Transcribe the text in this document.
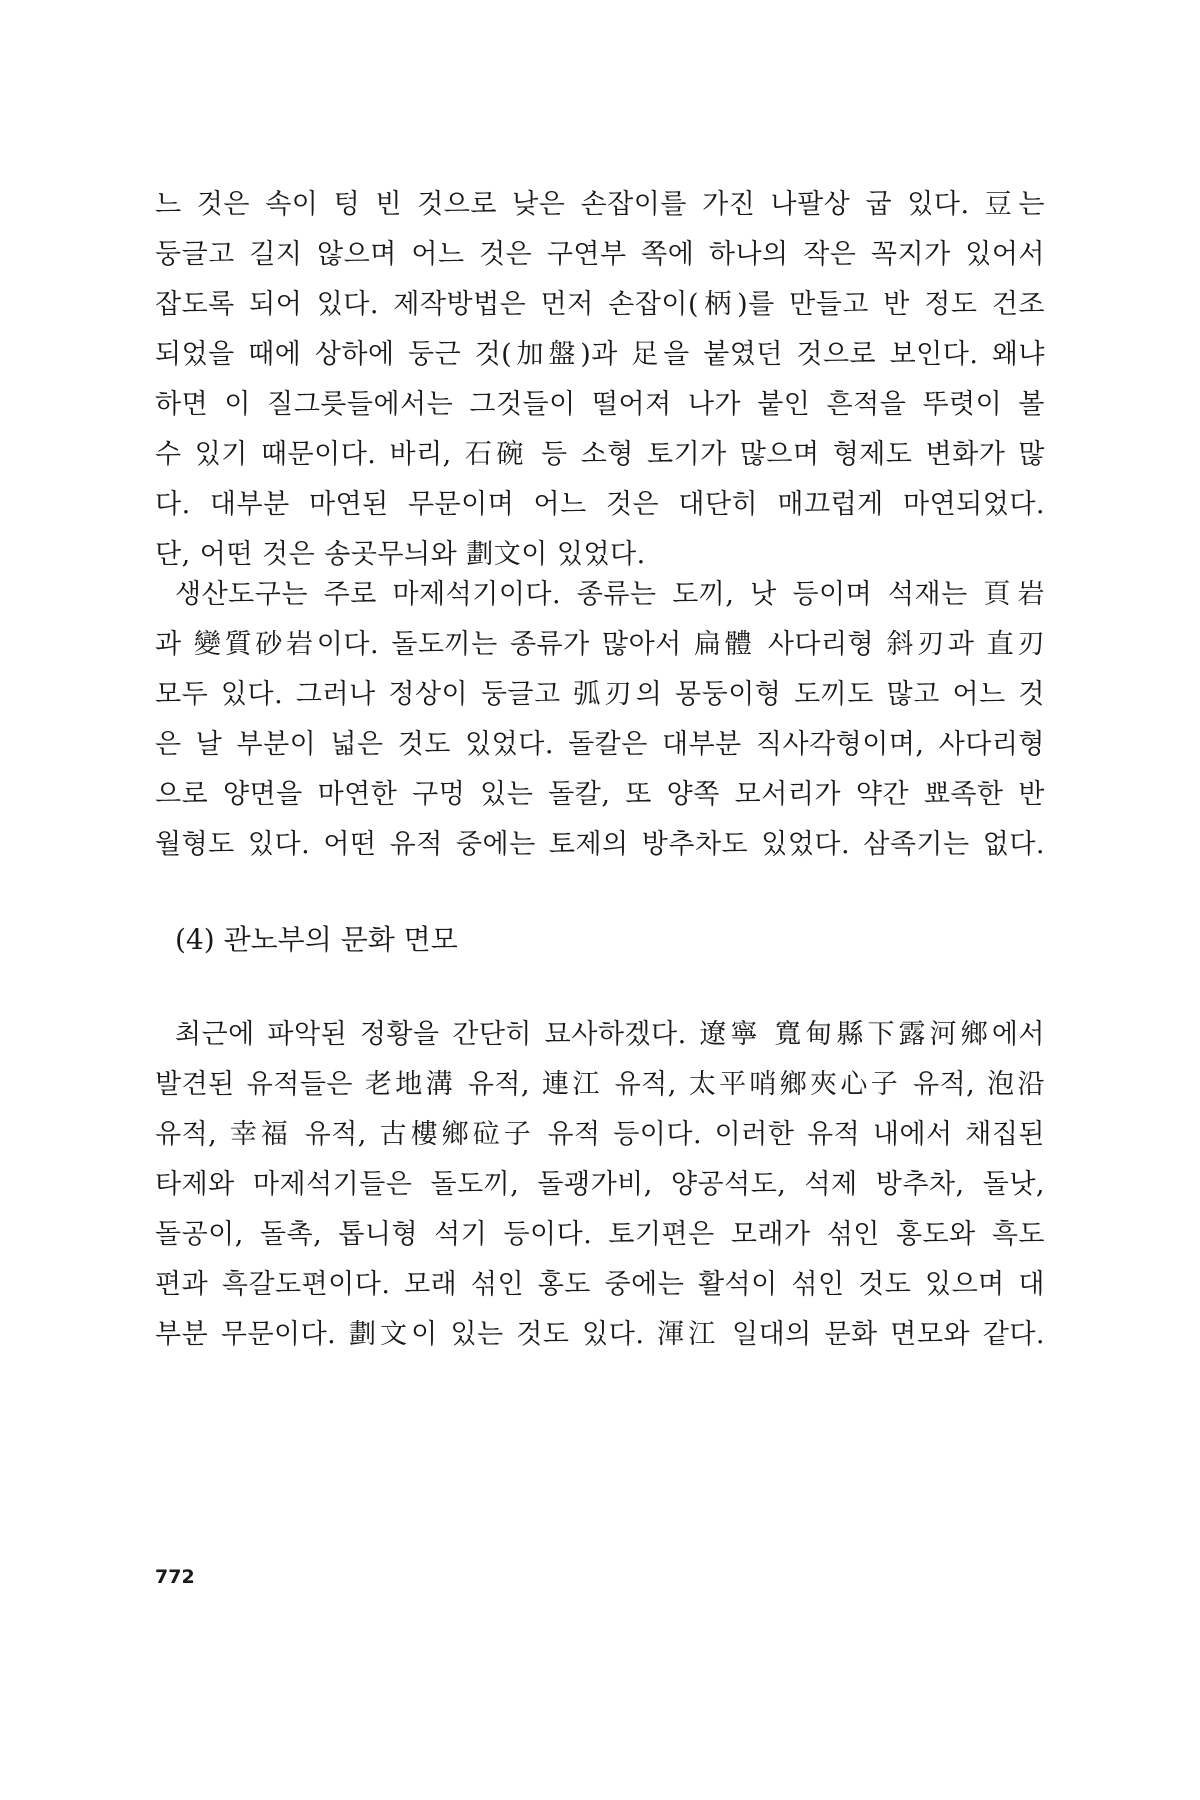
느 것은 속이 텅 빈 것으로 낮은 손잡이를 가진 나팔상 굽 있다. 豆는
둥글고 길지 않으며 어느 것은 구연부 쪽에 하나의 작은 꼭지가 있어서
잡도록 되어 있다. 제작방법은 먼저 손잡이(柄)를 만들고 반 정도 건조
되었을 때에 상하에 둥근 것(加盤)과 足을 붙였던 것으로 보인다. 왜냐
하면 이 질그릇들에서는 그것들이 떨어져 나가 붙인 흔적을 뚜렷이 볼
수 있기 때문이다. 바리, 石碗 등 소형 토기가 많으며 형제도 변화가 많
다. 대부분 마연된 무문이며 어느 것은 대단히 매끄럽게 마연되었다.
단, 어떤 것은 송곳무늬와 劃文이 있었다.
생산도구는 주로 마제석기이다. 종류는 도끼, 낫 등이며 석재는 頁岩
과 變質砂岩이다. 돌도끼는 종류가 많아서 扁體 사다리형 斜刃과 直刃
모두 있다. 그러나 정상이 둥글고 弧刃의 몽둥이형 도끼도 많고 어느 것
은 날 부분이 넓은 것도 있었다. 돌칼은 대부분 직사각형이며, 사다리형
으로 양면을 마연한 구멍 있는 돌칼, 또 양쪽 모서리가 약간 뾰족한 반
월형도 있다. 어떤 유적 중에는 토제의 방추차도 있었다. 삼족기는 없다.
(4) 관노부의 문화 면모
최근에 파악된 정황을 간단히 묘사하겠다. 遼寧 寬甸縣下露河鄉에서
발견된 유적들은 老地溝 유적, 連江 유적, 太平哨鄉夾心子 유적, 泡沿
유적, 幸福 유적, 古樓鄉砬子 유적 등이다. 이러한 유적 내에서 채집된
타제와 마제석기들은 돌도끼, 돌괭가비, 양공석도, 석제 방추차, 돌낫,
돌공이, 돌촉, 톱니형 석기 등이다. 토기편은 모래가 섞인 홍도와 흑도
편과 흑갈도편이다. 모래 섞인 홍도 중에는 활석이 섞인 것도 있으며 대
부분 무문이다. 劃文이 있는 것도 있다. 渾江 일대의 문화 면모와 같다.
772
